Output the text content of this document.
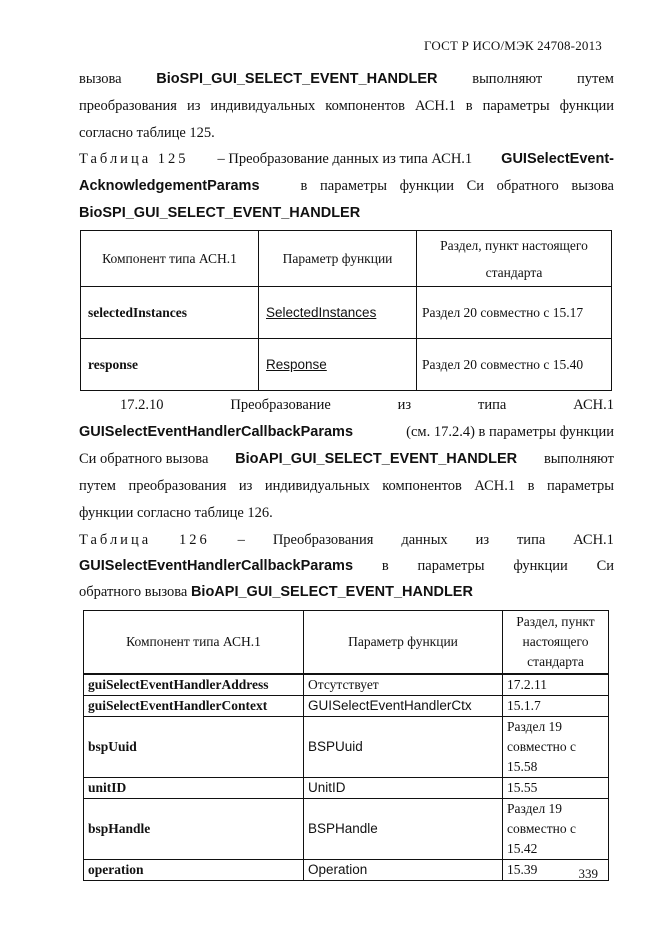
ГОСТ Р ИСО/МЭК 24708-2013
вызова BioSPI_GUI_SELECT_EVENT_HANDLER выполняют путем
преобразования из индивидуальных компонентов АСН.1 в параметры функции
согласно таблице 125.
Таблица 125 – Преобразование данных из типа АСН.1 GUISelectEvent-
AcknowledgementParams	в параметры функции Си обратного вызова
BioSPI_GUI_SELECT_EVENT_HANDLER
Компонент типа АСН.1	Параметр функции	Раздел, пункт настоящего стандарта
selectedInstances	SelectedInstances	Раздел 20 совместно с 15.17
response	Response	Раздел 20 совместно с 15.40
17.2.10	Преобразование	из	типа	АСН.1
GUISelectEventHandlerCallbackParams	(см. 17.2.4) в параметры функции
Си обратного вызова BioAPI_GUI_SELECT_EVENT_HANDLER выполняют
путем преобразования из индивидуальных компонентов АСН.1 в параметры
функции согласно таблице 126.
Таблица 126 – Преобразования данных из типа АСН.1
GUISelectEventHandlerCallbackParams в параметры функции Си
обратного вызова BioAPI_GUI_SELECT_EVENT_HANDLER
Компонент типа АСН.1	Параметр функции	Раздел, пункт настоящего стандарта
guiSelectEventHandlerAddress	Отсутствует	17.2.11
guiSelectEventHandlerContext	GUISelectEventHandlerCtx	15.1.7
bspUuid	BSPUuid	Раздел 19 совместно с 15.58
unitID	UnitID	15.55
bspHandle	BSPHandle	Раздел 19 совместно с 15.42
operation	Operation	15.39	339
